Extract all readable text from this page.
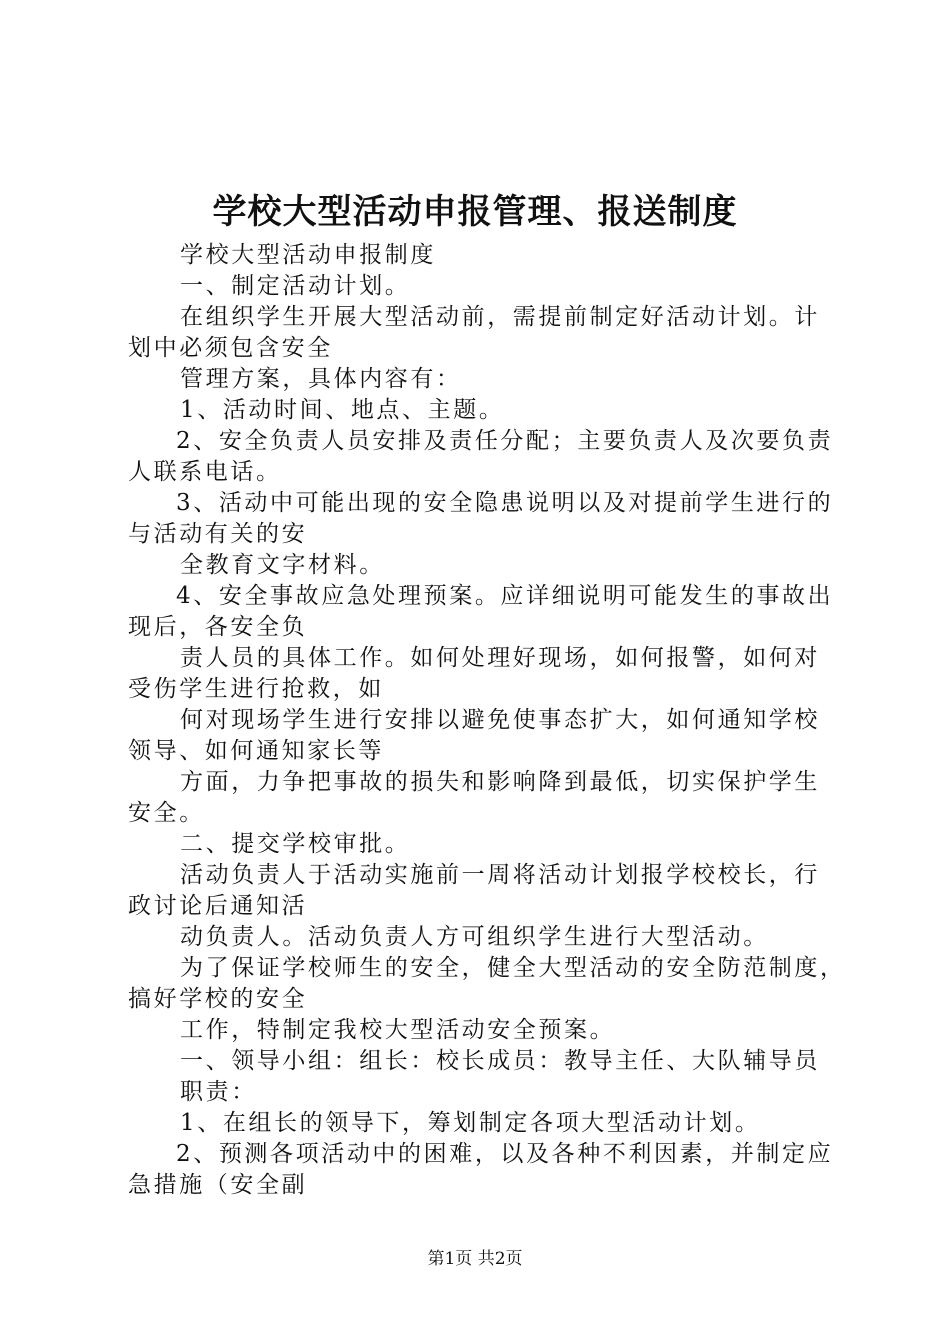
学校大型活动申报管理、报送制度

学校大型活动申报制度

一、制定活动计划。

在组织学生开展大型活动前，需提前制定好活动计划。计

划中必须包含安全

管理方案，具体内容有：

1、活动时间、地点、主题。

2、安全负责人员安排及责任分配；主要负责人及次要负责

人联系电话。

3、活动中可能出现的安全隐患说明以及对提前学生进行的

与活动有关的安

全教育文字材料。

4、安全事故应急处理预案。应详细说明可能发生的事故出

现后，各安全负

责人员的具体工作。如何处理好现场，如何报警，如何对

受伤学生进行抢救，如

何对现场学生进行安排以避免使事态扩大，如何通知学校

领导、如何通知家长等

方面，力争把事故的损失和影响降到最低，切实保护学生

安全。

二、提交学校审批。

活动负责人于活动实施前一周将活动计划报学校校长，行

政讨论后通知活

动负责人。活动负责人方可组织学生进行大型活动。

为了保证学校师生的安全，健全大型活动的安全防范制度，

搞好学校的安全

工作，特制定我校大型活动安全预案。

一、领导小组：组长：校长成员：教导主任、大队辅导员

职责：

1、在组长的领导下，筹划制定各项大型活动计划。

2、预测各项活动中的困难，以及各种不利因素，并制定应

急措施（安全副

第1页 共2页
